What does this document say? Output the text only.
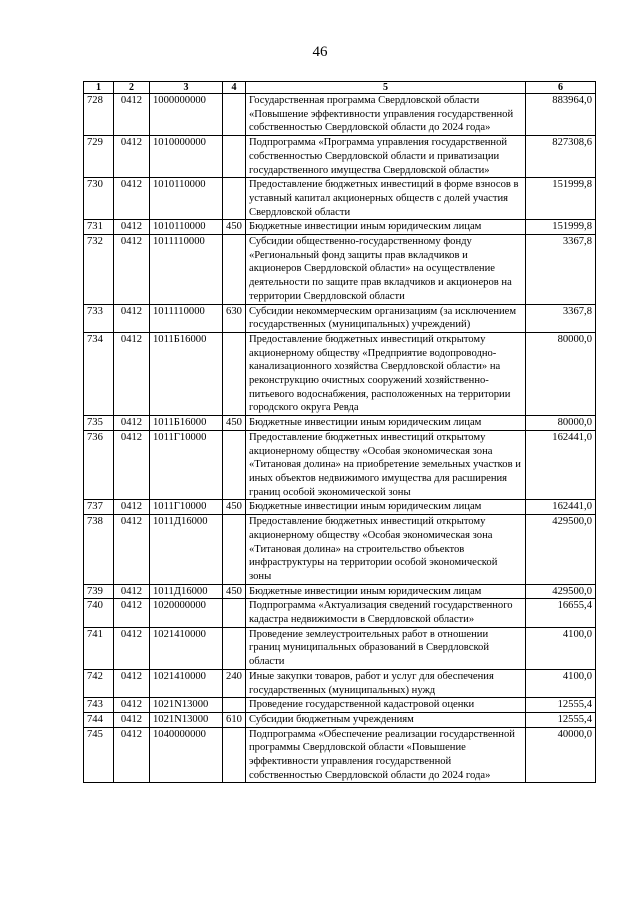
46
1	2	3	4	5	6
728	0412	1000000000		Государственная программа Свердловской области «Повышение эффективности управления государственной собственностью Свердловской области до 2024 года»	883964,0
729	0412	1010000000		Подпрограмма «Программа управления государственной собственностью Свердловской области и приватизации государственного имущества Свердловской области»	827308,6
730	0412	1010110000		Предоставление бюджетных инвестиций в форме взносов в уставный капитал акционерных обществ с долей участия Свердловской области	151999,8
731	0412	1010110000	450	Бюджетные инвестиции иным юридическим лицам	151999,8
732	0412	1011110000		Субсидии общественно-государственному фонду «Региональный фонд защиты прав вкладчиков и акционеров Свердловской области» на осуществление деятельности по защите прав вкладчиков и акционеров на территории Свердловской области	3367,8
733	0412	1011110000	630	Субсидии некоммерческим организациям (за исключением государственных (муниципальных) учреждений)	3367,8
734	0412	1011Б16000		Предоставление бюджетных инвестиций открытому акционерному обществу «Предприятие водопроводно-канализационного хозяйства Свердловской области» на реконструкцию очистных сооружений хозяйственно-питьевого водоснабжения, расположенных на территории городского округа Ревда	80000,0
735	0412	1011Б16000	450	Бюджетные инвестиции иным юридическим лицам	80000,0
736	0412	1011Г10000		Предоставление бюджетных инвестиций открытому акционерному обществу «Особая экономическая зона «Титановая долина» на приобретение земельных участков и иных объектов недвижимого имущества для расширения границ особой экономической зоны	162441,0
737	0412	1011Г10000	450	Бюджетные инвестиции иным юридическим лицам	162441,0
738	0412	1011Д16000		Предоставление бюджетных инвестиций открытому акционерному обществу «Особая экономическая зона «Титановая долина» на строительство объектов инфраструктуры на территории особой экономической зоны	429500,0
739	0412	1011Д16000	450	Бюджетные инвестиции иным юридическим лицам	429500,0
740	0412	1020000000		Подпрограмма «Актуализация сведений государственного кадастра недвижимости в Свердловской области»	16655,4
741	0412	1021410000		Проведение землеустроительных работ в отношении границ муниципальных образований в Свердловской области	4100,0
742	0412	1021410000	240	Иные закупки товаров, работ и услуг для обеспечения государственных (муниципальных) нужд	4100,0
743	0412	1021N13000		Проведение государственной кадастровой оценки	12555,4
744	0412	1021N13000	610	Субсидии бюджетным учреждениям	12555,4
745	0412	1040000000		Подпрограмма «Обеспечение реализации государственной программы Свердловской области «Повышение эффективности управления государственной собственностью Свердловской области до 2024 года»	40000,0
